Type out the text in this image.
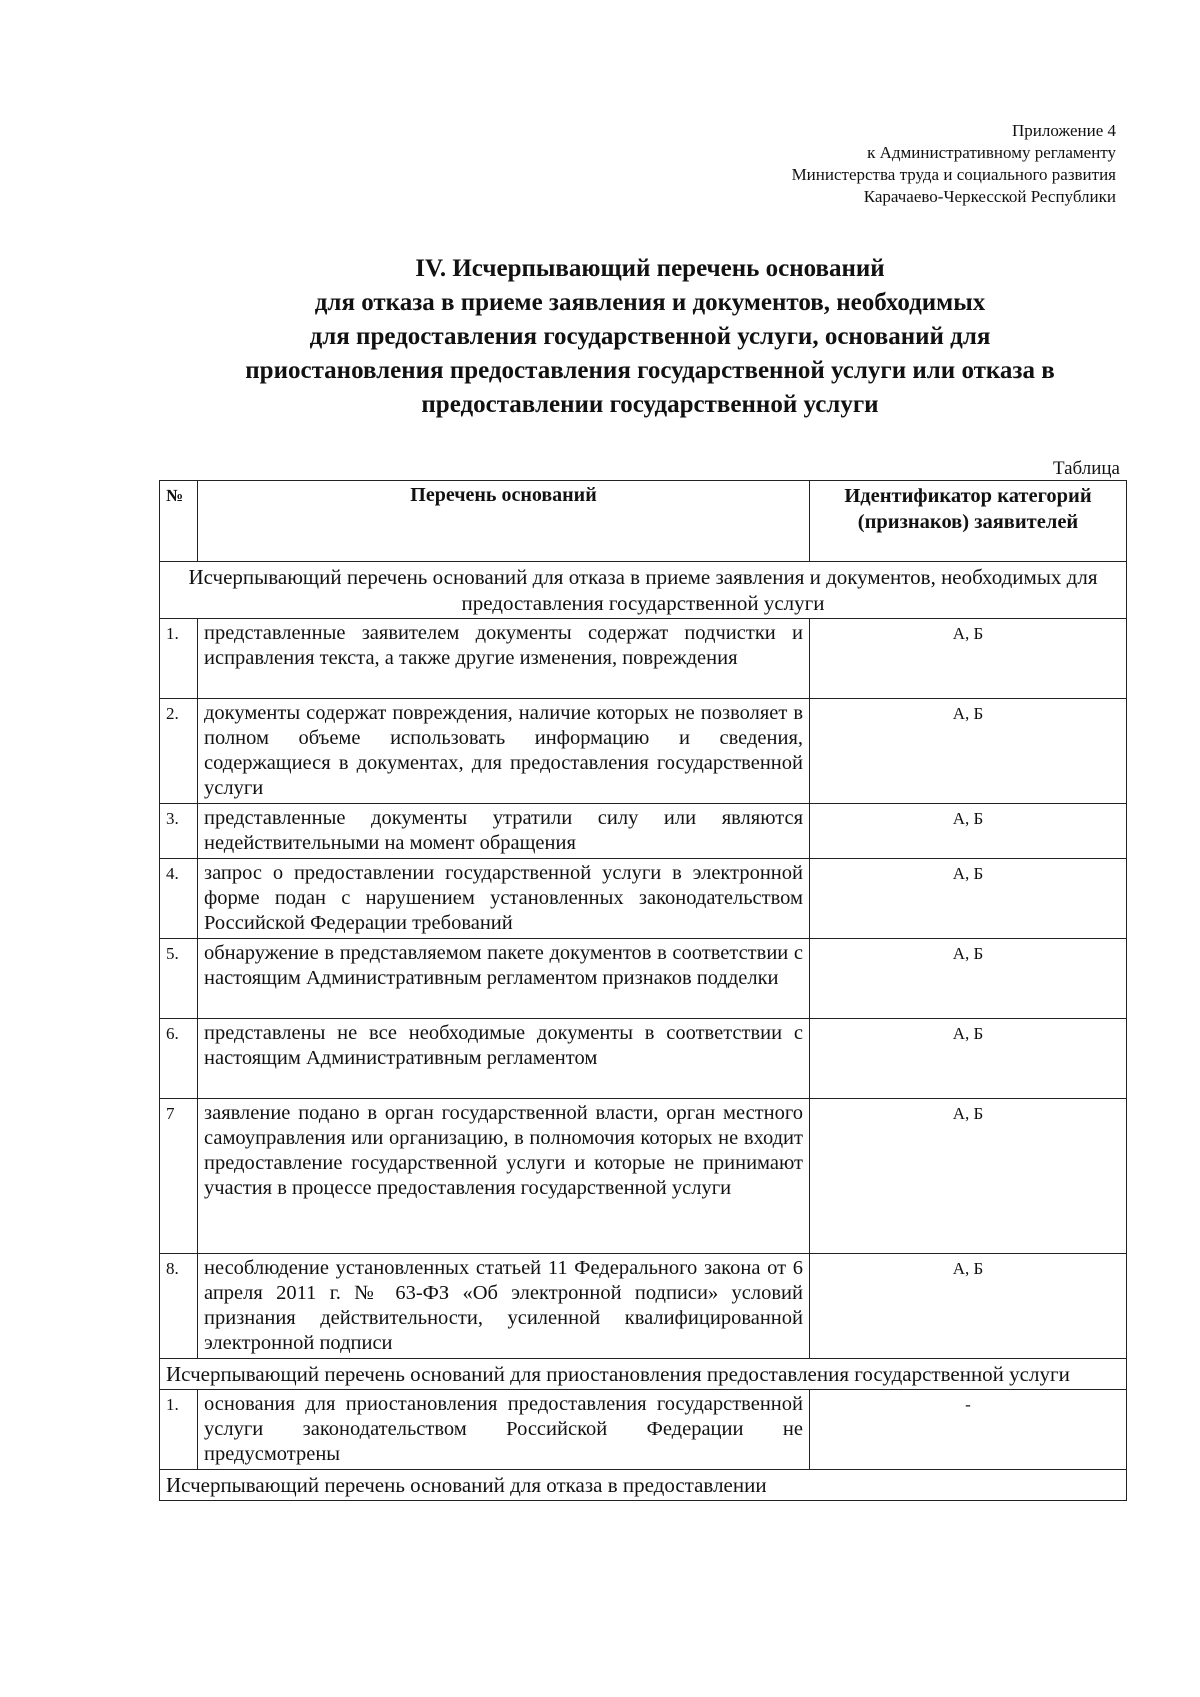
Приложение 4
к Административному регламенту
Министерства труда и социального развития
Карачаево-Черкесской Республики
IV. Исчерпывающий перечень оснований
для отказа в приеме заявления и документов, необходимых
для предоставления государственной услуги, оснований для
приостановления предоставления государственной услуги или отказа в
предоставлении государственной услуги
Таблица
№	Перечень оснований	Идентификатор категорий (признаков) заявителей
Исчерпывающий перечень оснований для отказа в приеме заявления и документов, необходимых для предоставления государственной услуги		
1.	представленные заявителем документы содержат подчистки и исправления текста, а также другие изменения, повреждения	А, Б
2.	документы содержат повреждения, наличие которых не позволяет в полном объеме использовать информацию и сведения, содержащиеся в документах, для предоставления государственной услуги	А, Б
3.	представленные документы утратили силу или являются недействительными на момент обращения	А, Б
4.	запрос о предоставлении государственной услуги в электронной форме подан с нарушением установленных законодательством Российской Федерации требований	А, Б
5.	обнаружение в представляемом пакете документов в соответствии с настоящим Административным регламентом признаков подделки	А, Б
6.	представлены не все необходимые документы в соответствии с настоящим Административным регламентом	А, Б
7	заявление подано в орган государственной власти, орган местного самоуправления или организацию, в полномочия которых не входит предоставление государственной услуги и которые не принимают участия в процессе предоставления государственной услуги	А, Б
8.	несоблюдение установленных статьей 11 Федерального закона от 6 апреля 2011 г. № 63-ФЗ «Об электронной подписи» условий признания действительности, усиленной квалифицированной электронной подписи	А, Б
Исчерпывающий перечень оснований для приостановления предоставления государственной услуги		
1.	основания для приостановления предоставления государственной услуги законодательством Российской Федерации не предусмотрены	-
Исчерпывающий перечень оснований для отказа в предоставлении		
